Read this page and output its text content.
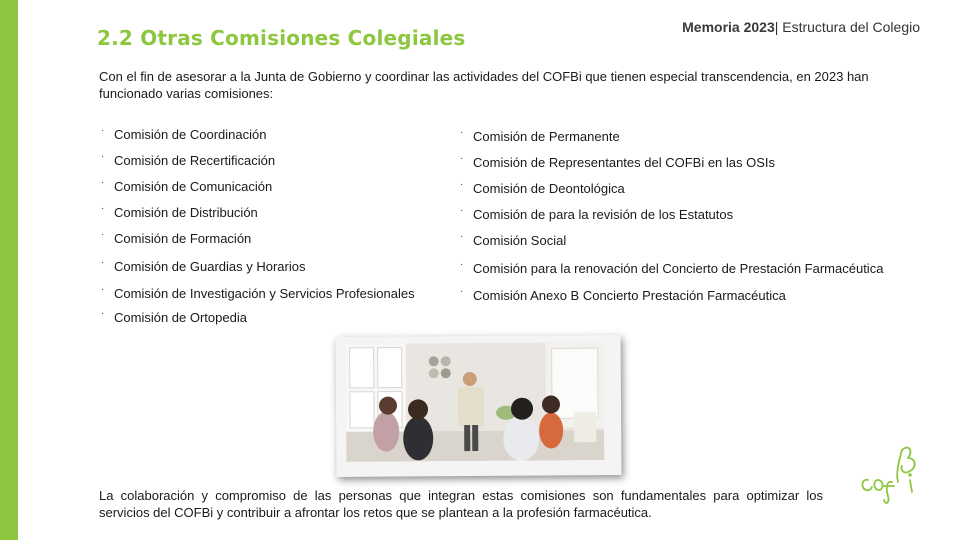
2.2 Otras Comisiones Colegiales	Memoria 2023| Estructura del Colegio
Con el fin de asesorar a la Junta de Gobierno y coordinar las actividades del COFBi que tienen especial transcendencia, en 2023 han funcionado varias comisiones:
· Comisión de Coordinación
· Comisión de Recertificación
· Comisión de Comunicación
· Comisión de Distribución
· Comisión de Formación
· Comisión de Guardias y Horarios
· Comisión de Investigación y Servicios Profesionales
· Comisión de Ortopedia
· Comisión de Permanente
· Comisión de Representantes del COFBi en las OSIs
· Comisión de Deontológica
· Comisión de para la revisión de los Estatutos
· Comisión Social
· Comisión para la renovación del Concierto de Prestación Farmacéutica
· Comisión Anexo B Concierto Prestación Farmacéutica
La colaboración y compromiso de las personas que integran estas comisiones son fundamentales para optimizar los servicios del COFBi y contribuir a afrontar los retos que se plantean a la profesión farmacéutica.
